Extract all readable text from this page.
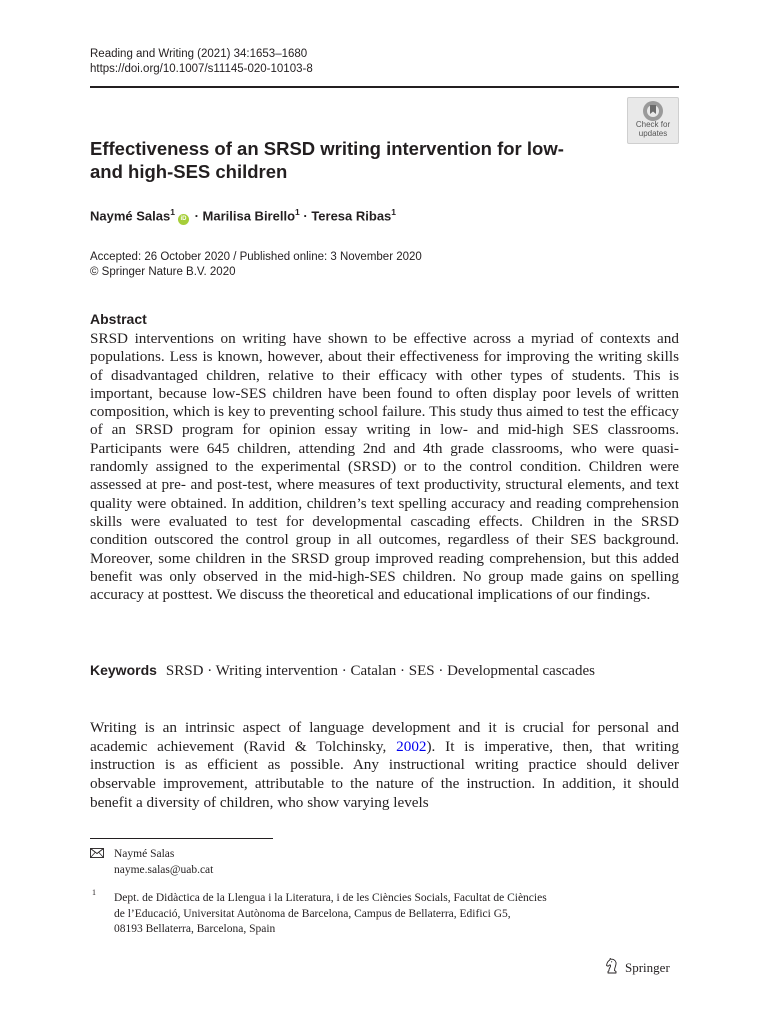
Reading and Writing (2021) 34:1653–1680
https://doi.org/10.1007/s11145-020-10103-8
Check for
updates
Effectiveness of an SRSD writing intervention for low-
and high-SES children
Naymé Salas$^1$iD · Marilisa Birello$^1$ · Teresa Ribas$^1$
Accepted: 26 October 2020 / Published online: 3 November 2020
© Springer Nature B.V. 2020
Abstract

SRSD interventions on writing have shown to be effective across a myriad of contexts and populations. Less is known, however, about their effectiveness for improving the writing skills of disadvantaged children, relative to their efficacy with other types of students. This is important, because low-SES children have been found to often display poor levels of written composition, which is key to preventing school failure. This study thus aimed to test the efficacy of an SRSD program for opinion essay writing in low- and mid-high SES classrooms. Participants were 645 children, attending 2nd and 4th grade classrooms, who were quasi-randomly assigned to the experimental (SRSD) or to the control condition. Children were assessed at pre- and post-test, where measures of text productivity, structural elements, and text quality were obtained. In addition, children’s text spelling accuracy and reading comprehension skills were evaluated to test for developmental cascading effects. Children in the SRSD condition outscored the control group in all outcomes, regardless of their SES background. Moreover, some children in the SRSD group improved reading comprehension, but this added benefit was only observed in the mid-high-SES children. No group made gains on spelling accuracy at posttest. We discuss the theoretical and educational implications of our findings.

Keywords SRSD · Writing intervention · Catalan · SES · Developmental cascades

Writing is an intrinsic aspect of language development and it is crucial for personal and academic achievement (Ravid & Tolchinsky, 2002). It is imperative, then, that writing instruction is as efficient as possible. Any instructional writing practice should deliver observable improvement, attributable to the nature of the instruction. In addition, it should benefit a diversity of children, who show varying levels

Naymé Salas
nayme.salas@uab.cat
1 Dept. de Didàctica de la Llengua i la Literatura, i de les Ciències Socials, Facultat de Ciències
de l’Educació, Universitat Autònoma de Barcelona, Campus de Bellaterra, Edifici G5,
08193 Bellaterra, Barcelona, Spain
Springer
